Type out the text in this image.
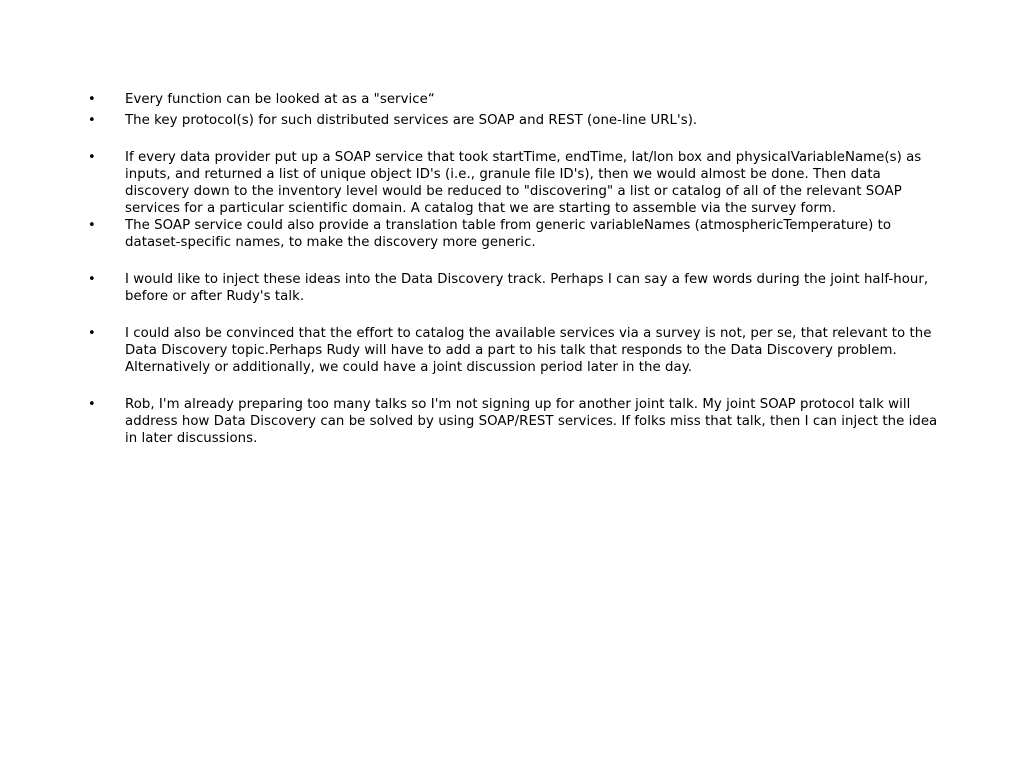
• Every function can be looked at as a "service“
• The key protocol(s) for such distributed services are SOAP and REST (one-line URL's).
• If every data provider put up a SOAP service that took startTime, endTime, lat/lon box and physicalVariableName(s) as inputs, and returned a list of unique object ID's (i.e., granule file ID's), then we would almost be done. Then data discovery down to the inventory level would be reduced to "discovering" a list or catalog of all of the relevant SOAP services for a particular scientific domain. A catalog that we are starting to assemble via the survey form.
• The SOAP service could also provide a translation table from generic variableNames (atmosphericTemperature) to dataset-specific names, to make the discovery more generic.
• I would like to inject these ideas into the Data Discovery track. Perhaps I can say a few words during the joint half-hour, before or after Rudy's talk.
• I could also be convinced that the effort to catalog the available services via a survey is not, per se, that relevant to the Data Discovery topic.Perhaps Rudy will have to add a part to his talk that responds to the Data Discovery problem. Alternatively or additionally, we could have a joint discussion period later in the day.
• Rob, I'm already preparing too many talks so I'm not signing up for another joint talk. My joint SOAP protocol talk will address how Data Discovery can be solved by using SOAP/REST services. If folks miss that talk, then I can inject the idea in later discussions.
